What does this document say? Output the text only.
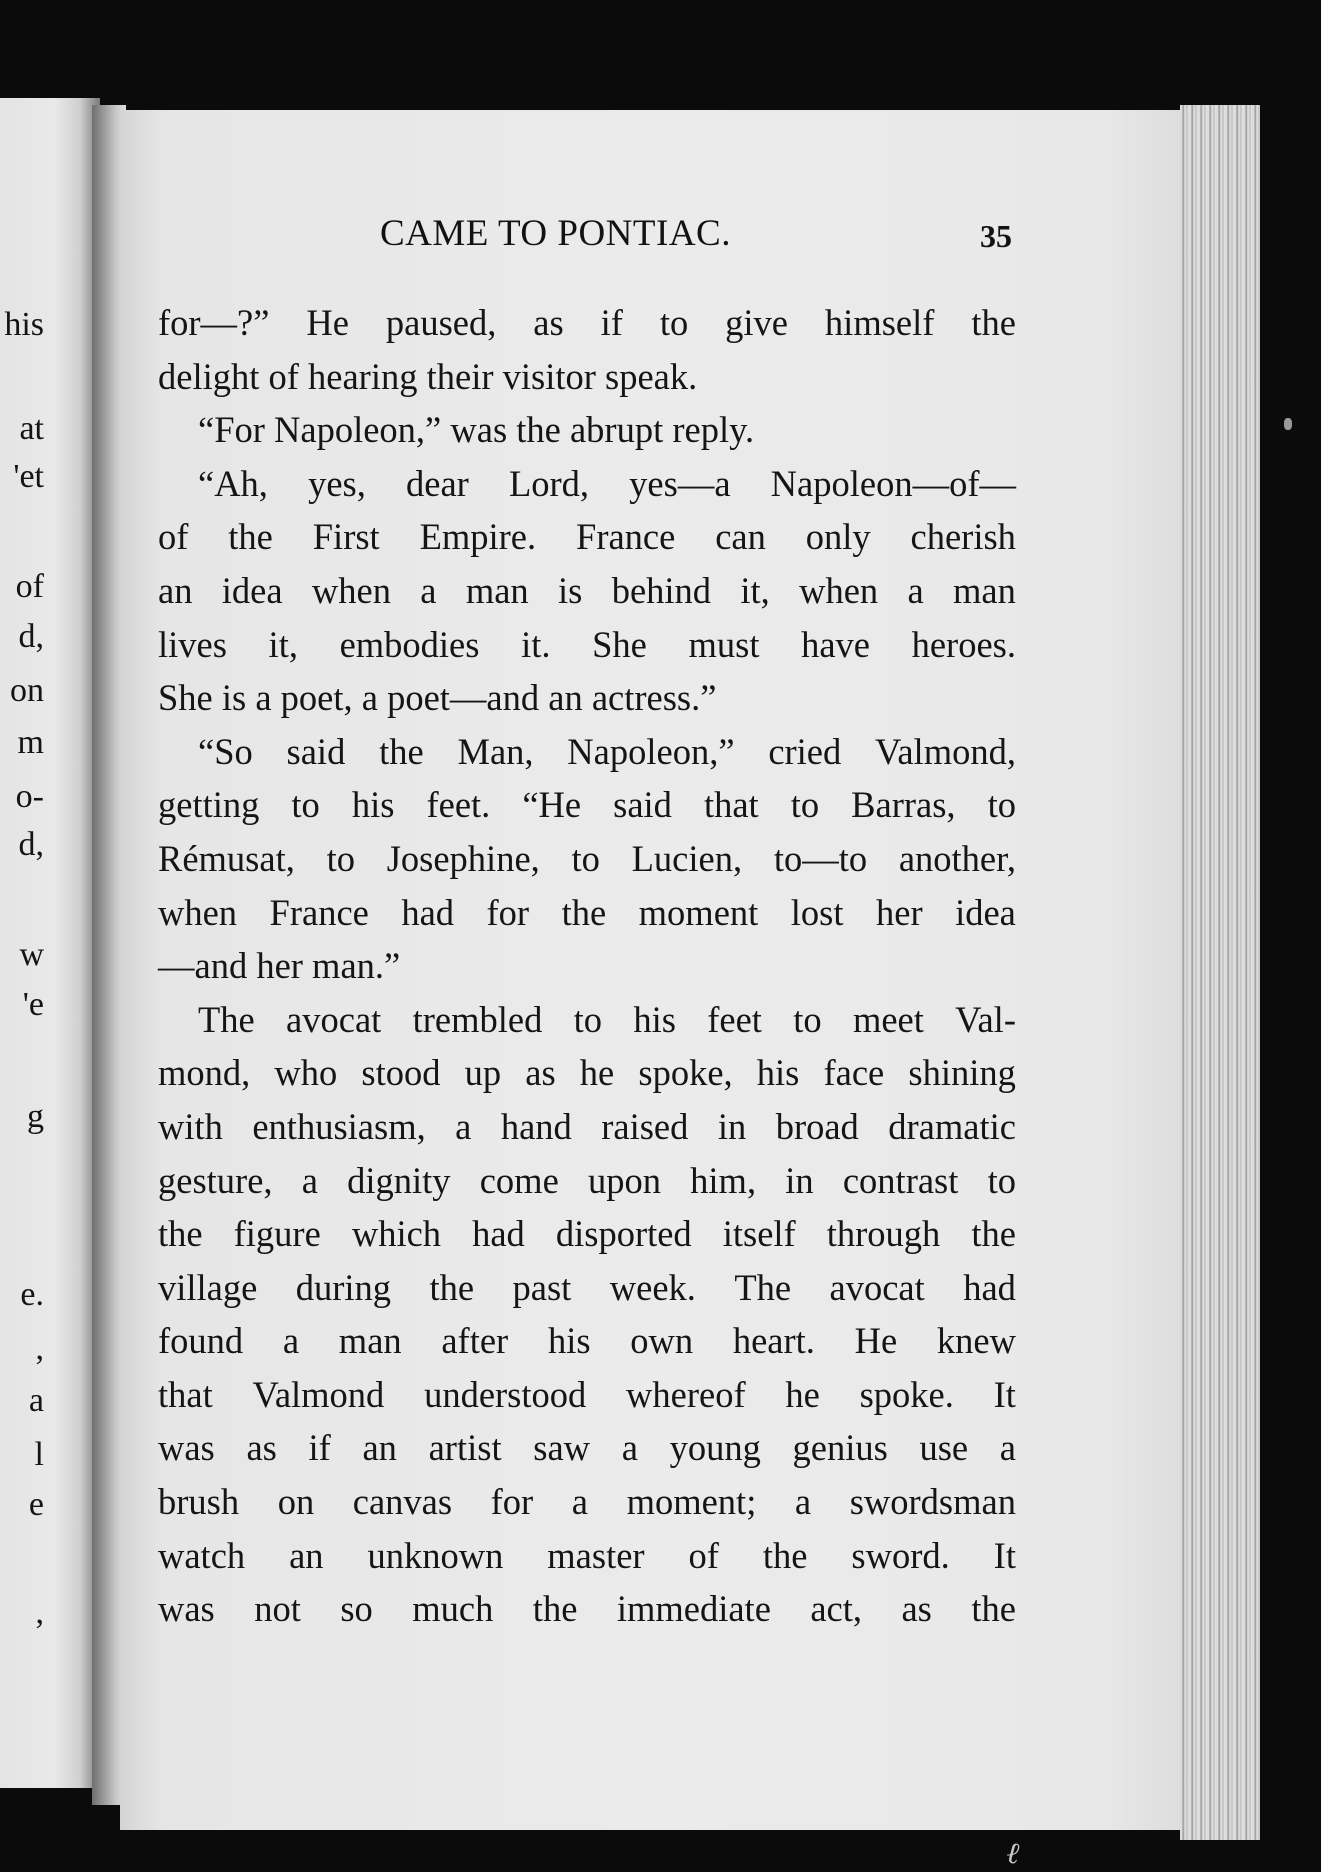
his
at
'et
of
d,
on
m
o-
d,
w
'e
g
e.
,
a
l
e
,
CAME TO PONTIAC.	35
for—?” He paused, as if to give himself the
delight of hearing their visitor speak.
“For Napoleon,” was the abrupt reply.
“Ah, yes, dear Lord, yes—a Napoleon—of—
of the First Empire. France can only cherish
an idea when a man is behind it, when a man
lives it, embodies it. She must have heroes.
She is a poet, a poet—and an actress.”
“So said the Man, Napoleon,” cried Valmond,
getting to his feet. “He said that to Barras, to
Rémusat, to Josephine, to Lucien, to—to another,
when France had for the moment lost her idea
—and her man.”
The avocat trembled to his feet to meet Val-
mond, who stood up as he spoke, his face shining
with enthusiasm, a hand raised in broad dramatic
gesture, a dignity come upon him, in contrast to
the figure which had disported itself through the
village during the past week. The avocat had
found a man after his own heart. He knew
that Valmond understood whereof he spoke. It
was as if an artist saw a young genius use a
brush on canvas for a moment; a swordsman
watch an unknown master of the sword. It
was not so much the immediate act, as the
ℓ
